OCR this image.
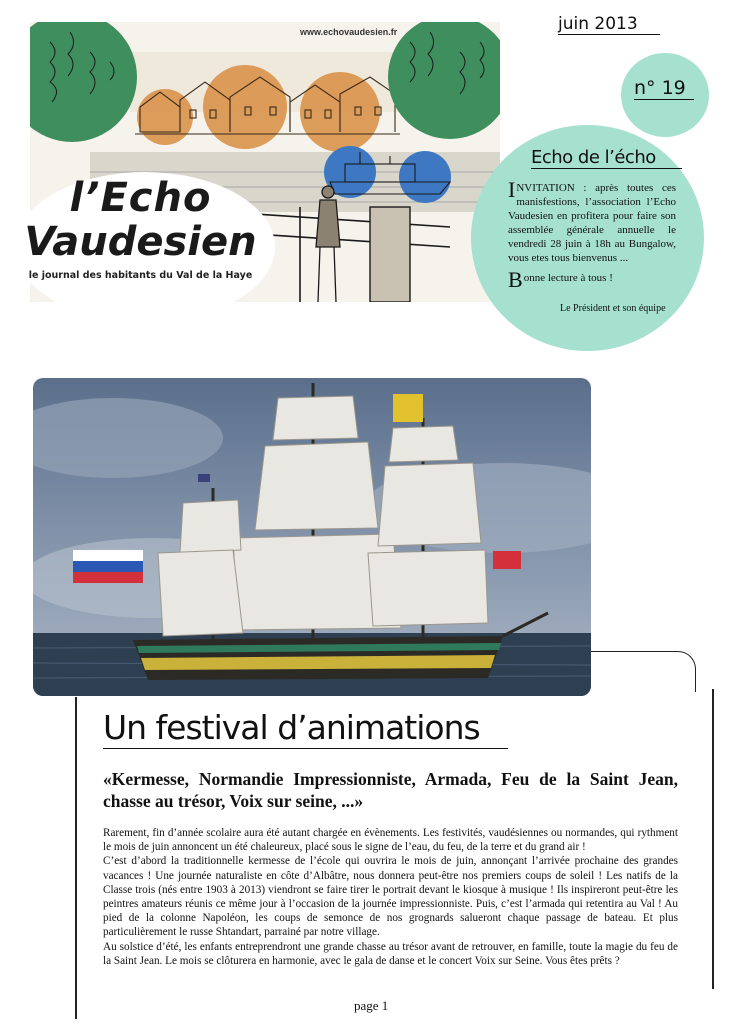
www.echovaudesien.fr
l’Echo
Vaudesien
le journal des habitants du Val de la Haye
juin 2013
n° 19
Echo de l’écho

INVITATION : après toutes ces manisfestions, l’association l’Echo Vaudesien en profitera pour faire son assemblée générale annuelle le vendredi 28 juin à 18h au Bungalow, vous etes tous bienvenus ...

Bonne lecture à tous !

Le Président et son équipe
Un festival d’animations
«Kermesse, Normandie Impressionniste, Armada, Feu de la Saint Jean, chasse au trésor, Voix sur seine, ...»

Rarement, fin d’année scolaire aura été autant chargée en évènements. Les festivités, vaudésiennes ou normandes, qui rythment le mois de juin annoncent un été chaleureux, placé sous le signe de l’eau, du feu, de la terre et du grand air !

C’est d’abord la traditionnelle kermesse de l’école qui ouvrira le mois de juin, annonçant l’arrivée prochaine des grandes vacances ! Une journée naturaliste en côte d’Albâtre, nous donnera peut-être nos premiers coups de soleil ! Les natifs de la Classe trois (nés entre 1903 à 2013) viendront se faire tirer le portrait devant le kiosque à musique ! Ils inspireront peut-être les peintres amateurs réunis ce même jour à l’occasion de la journée impressionniste. Puis, c’est l’armada qui retentira au Val ! Au pied de la colonne Napoléon, les coups de semonce de nos grognards salueront chaque passage de bateau. Et plus particulièrement le russe Shtandart, parrainé par notre village.

Au solstice d’été, les enfants entreprendront une grande chasse au trésor avant de retrouver, en famille, toute la magie du feu de la Saint Jean. Le mois se clôturera en harmonie, avec le gala de danse et le concert Voix sur Seine. Vous êtes prêts ?

page 1
